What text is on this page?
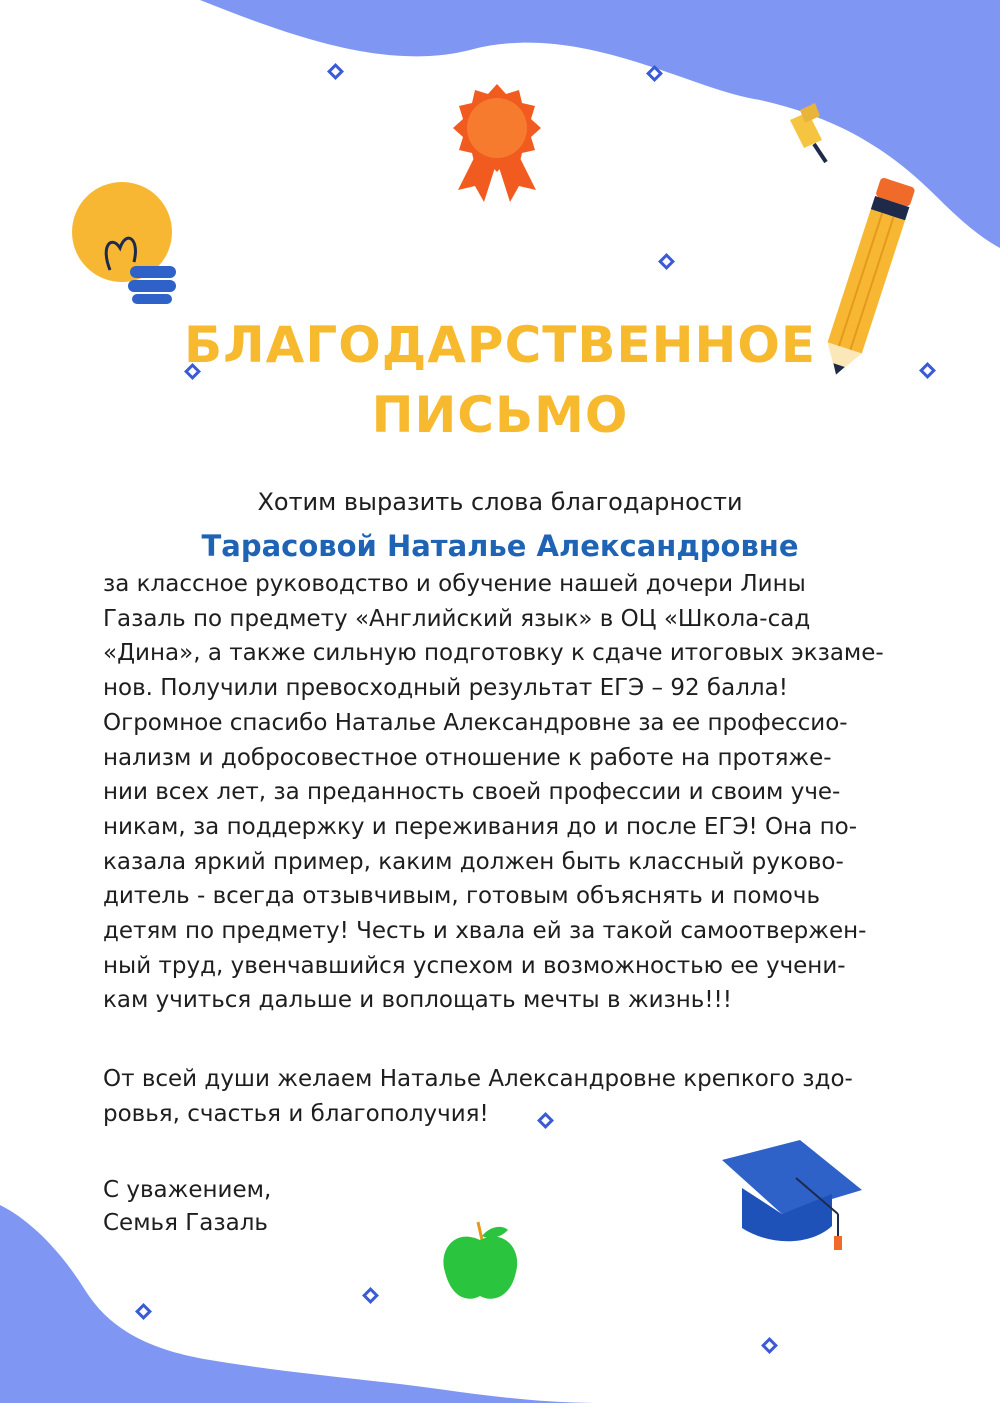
БЛАГОДАРСТВЕННОЕ
ПИСЬМО

Хотим выразить слова благодарности

Тарасовой Наталье Александровне

за классное руководство и обучение нашей дочери Лины
Газаль по предмету «Английский язык» в ОЦ «Школа-сад
«Дина», а также сильную подготовку к сдаче итоговых экзаме-
нов. Получили превосходный результат ЕГЭ – 92 балла!
Огромное спасибо Наталье Александровне за ее профессио-
нализм и добросовестное отношение к работе на протяже-
нии всех лет, за преданность своей профессии и своим уче-
никам, за поддержку и переживания до и после ЕГЭ! Она по-
казала яркий пример, каким должен быть классный руково-
дитель - всегда отзывчивым, готовым объяснять и помочь
детям по предмету! Честь и хвала ей за такой самоотвержен-
ный труд, увенчавшийся успехом и возможностью ее учени-
кам учиться дальше и воплощать мечты в жизнь!!!
От всей души желаем Наталье Александровне крепкого здо-
ровья, счастья и благополучия!

С уважением,

Семья Газаль
